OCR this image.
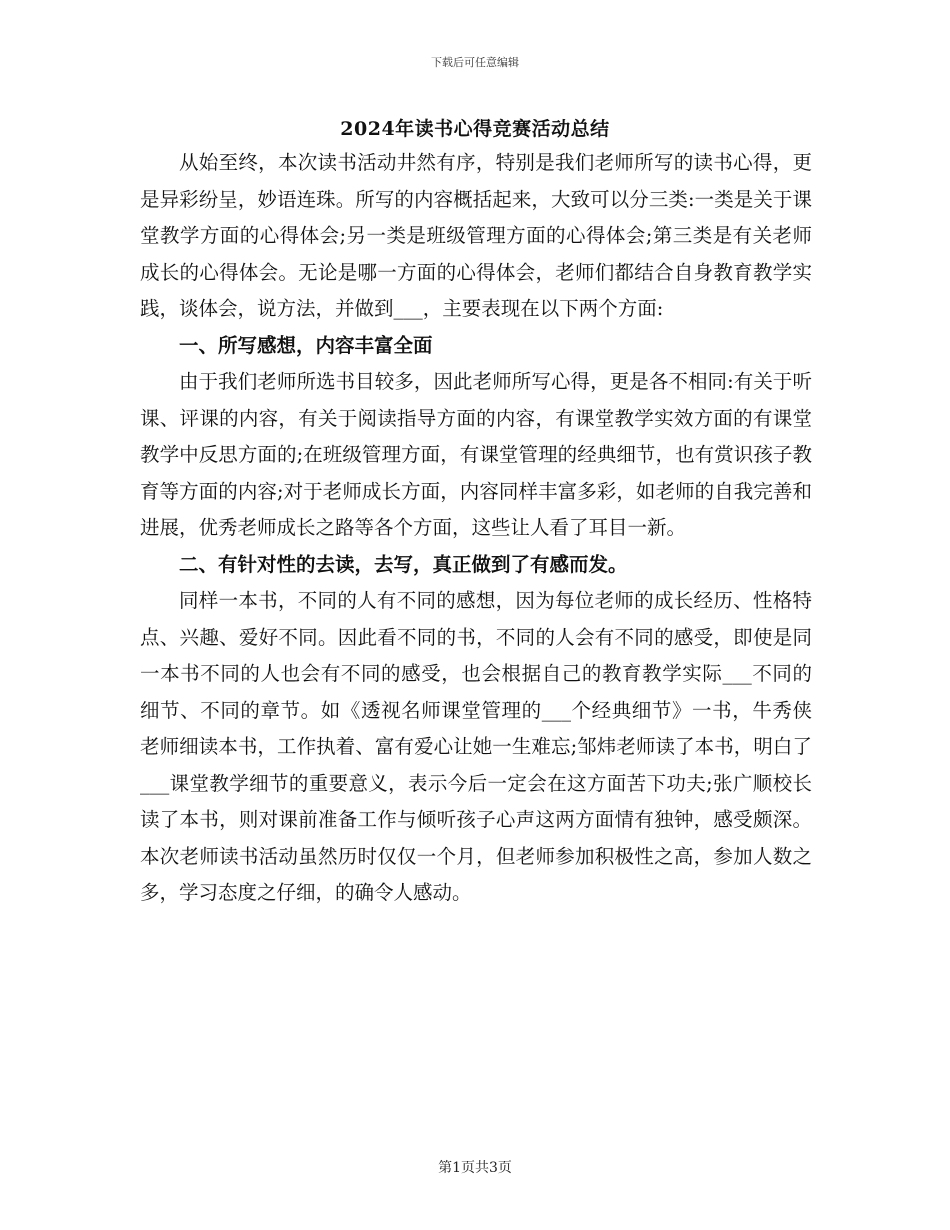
下载后可任意编辑
2024年读书心得竞赛活动总结

从始至终，本次读书活动井然有序，特别是我们老师所写的读书心得，更是异彩纷呈，妙语连珠。所写的内容概括起来，大致可以分三类:一类是关于课堂教学方面的心得体会;另一类是班级管理方面的心得体会;第三类是有关老师成长的心得体会。无论是哪一方面的心得体会，老师们都结合自身教育教学实践，谈体会，说方法，并做到___，主要表现在以下两个方面:

一、所写感想，内容丰富全面

由于我们老师所选书目较多，因此老师所写心得，更是各不相同:有关于听课、评课的内容，有关于阅读指导方面的内容，有课堂教学实效方面的有课堂教学中反思方面的;在班级管理方面，有课堂管理的经典细节，也有赏识孩子教育等方面的内容;对于老师成长方面，内容同样丰富多彩，如老师的自我完善和进展，优秀老师成长之路等各个方面，这些让人看了耳目一新。

二、有针对性的去读，去写，真正做到了有感而发。

同样一本书，不同的人有不同的感想，因为每位老师的成长经历、性格特点、兴趣、爱好不同。因此看不同的书，不同的人会有不同的感受，即使是同一本书不同的人也会有不同的感受，也会根据自己的教育教学实际___不同的细节、不同的章节。如《透视名师课堂管理的___个经典细节》一书，牛秀侠老师细读本书，工作执着、富有爱心让她一生难忘;邹炜老师读了本书，明白了___课堂教学细节的重要意义，表示今后一定会在这方面苦下功夫;张广顺校长读了本书，则对课前准备工作与倾听孩子心声这两方面情有独钟，感受颇深。本次老师读书活动虽然历时仅仅一个月，但老师参加积极性之高，参加人数之多，学习态度之仔细，的确令人感动。

第1页共3页
